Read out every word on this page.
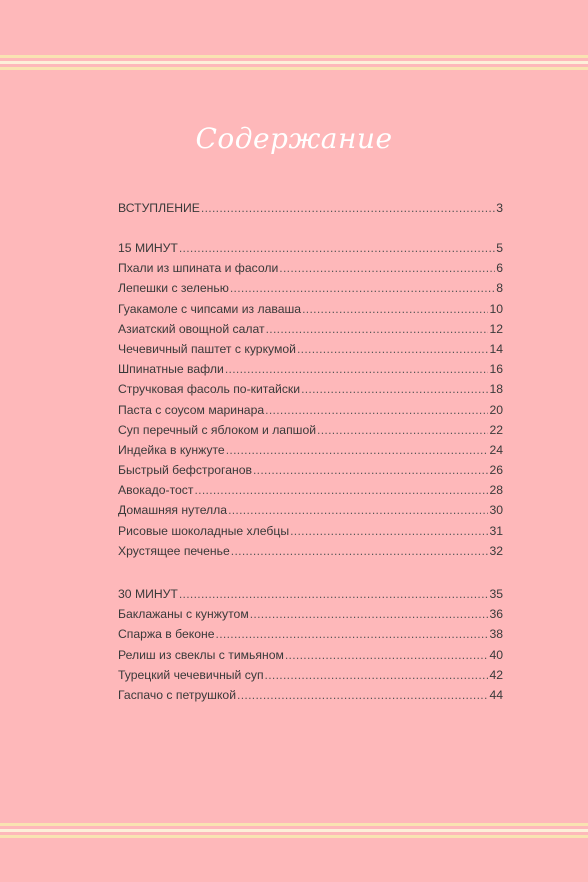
Содержание
ВСТУПЛЕНИЕ .....	3
15 МИНУТ .....	5
Пхали из шпината и фасоли .....	6
Лепешки с зеленью .....	8
Гуакамоле с чипсами из лаваша .....	10
Азиатский овощной салат .....	12
Чечевичный паштет с куркумой .....	14
Шпинатные вафли .....	16
Стручковая фасоль по-китайски .....	18
Паста с соусом маринара .....	20
Суп перечный с яблоком и лапшой .....	22
Индейка в кунжуте .....	24
Быстрый бефстроганов .....	26
Авокадо-тост .....	28
Домашняя нутелла .....	30
Рисовые шоколадные хлебцы .....	31
Хрустящее печенье .....	32
30 МИНУТ .....	35
Баклажаны с кунжутом .....	36
Спаржа в беконе .....	38
Релиш из свеклы с тимьяном .....	40
Турецкий чечевичный суп .....	42
Гаспачо с петрушкой .....	44
